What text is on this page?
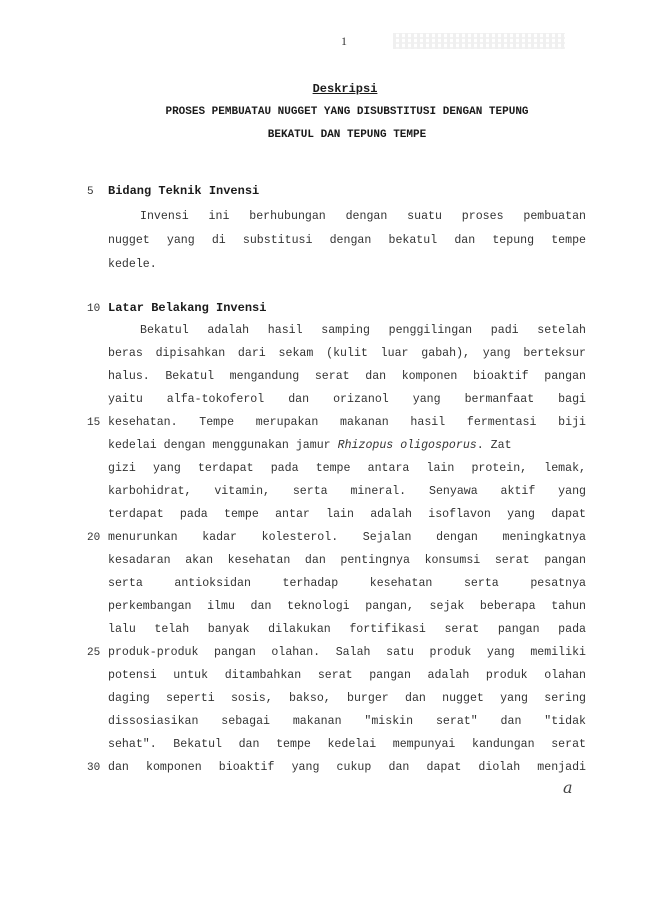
1
Deskripsi
PROSES PEMBUATAU NUGGET YANG DISUBSTITUSI DENGAN TEPUNG
BEKATUL DAN TEPUNG TEMPE
5 Bidang Teknik Invensi
Invensi ini berhubungan dengan suatu proses pembuatan
nugget yang di substitusi dengan bekatul dan tepung tempe
kedele.
10 Latar Belakang Invensi
Bekatul adalah hasil samping penggilingan padi setelah
beras dipisahkan dari sekam (kulit luar gabah), yang berteksur
halus. Bekatul mengandung serat dan komponen bioaktif pangan
yaitu alfa-tokoferol dan orizanol yang bermanfaat bagi
15 kesehatan. Tempe merupakan makanan hasil fermentasi biji
kedelai dengan menggunakan jamur Rhizopus oligosporus. Zat
gizi yang terdapat pada tempe antara lain protein, lemak,
karbohidrat, vitamin, serta mineral. Senyawa aktif yang
terdapat pada tempe antar lain adalah isoflavon yang dapat
20 menurunkan kadar kolesterol. Sejalan dengan meningkatnya
kesadaran akan kesehatan dan pentingnya konsumsi serat pangan
serta antioksidan terhadap kesehatan serta pesatnya
perkembangan ilmu dan teknologi pangan, sejak beberapa tahun
lalu telah banyak dilakukan fortifikasi serat pangan pada
25 produk-produk pangan olahan. Salah satu produk yang memiliki
potensi untuk ditambahkan serat pangan adalah produk olahan
daging seperti sosis, bakso, burger dan nugget yang sering
dissosiasikan sebagai makanan "miskin serat" dan "tidak
sehat". Bekatul dan tempe kedelai mempunyai kandungan serat
30 dan komponen bioaktif yang cukup dan dapat diolah menjadi
a
